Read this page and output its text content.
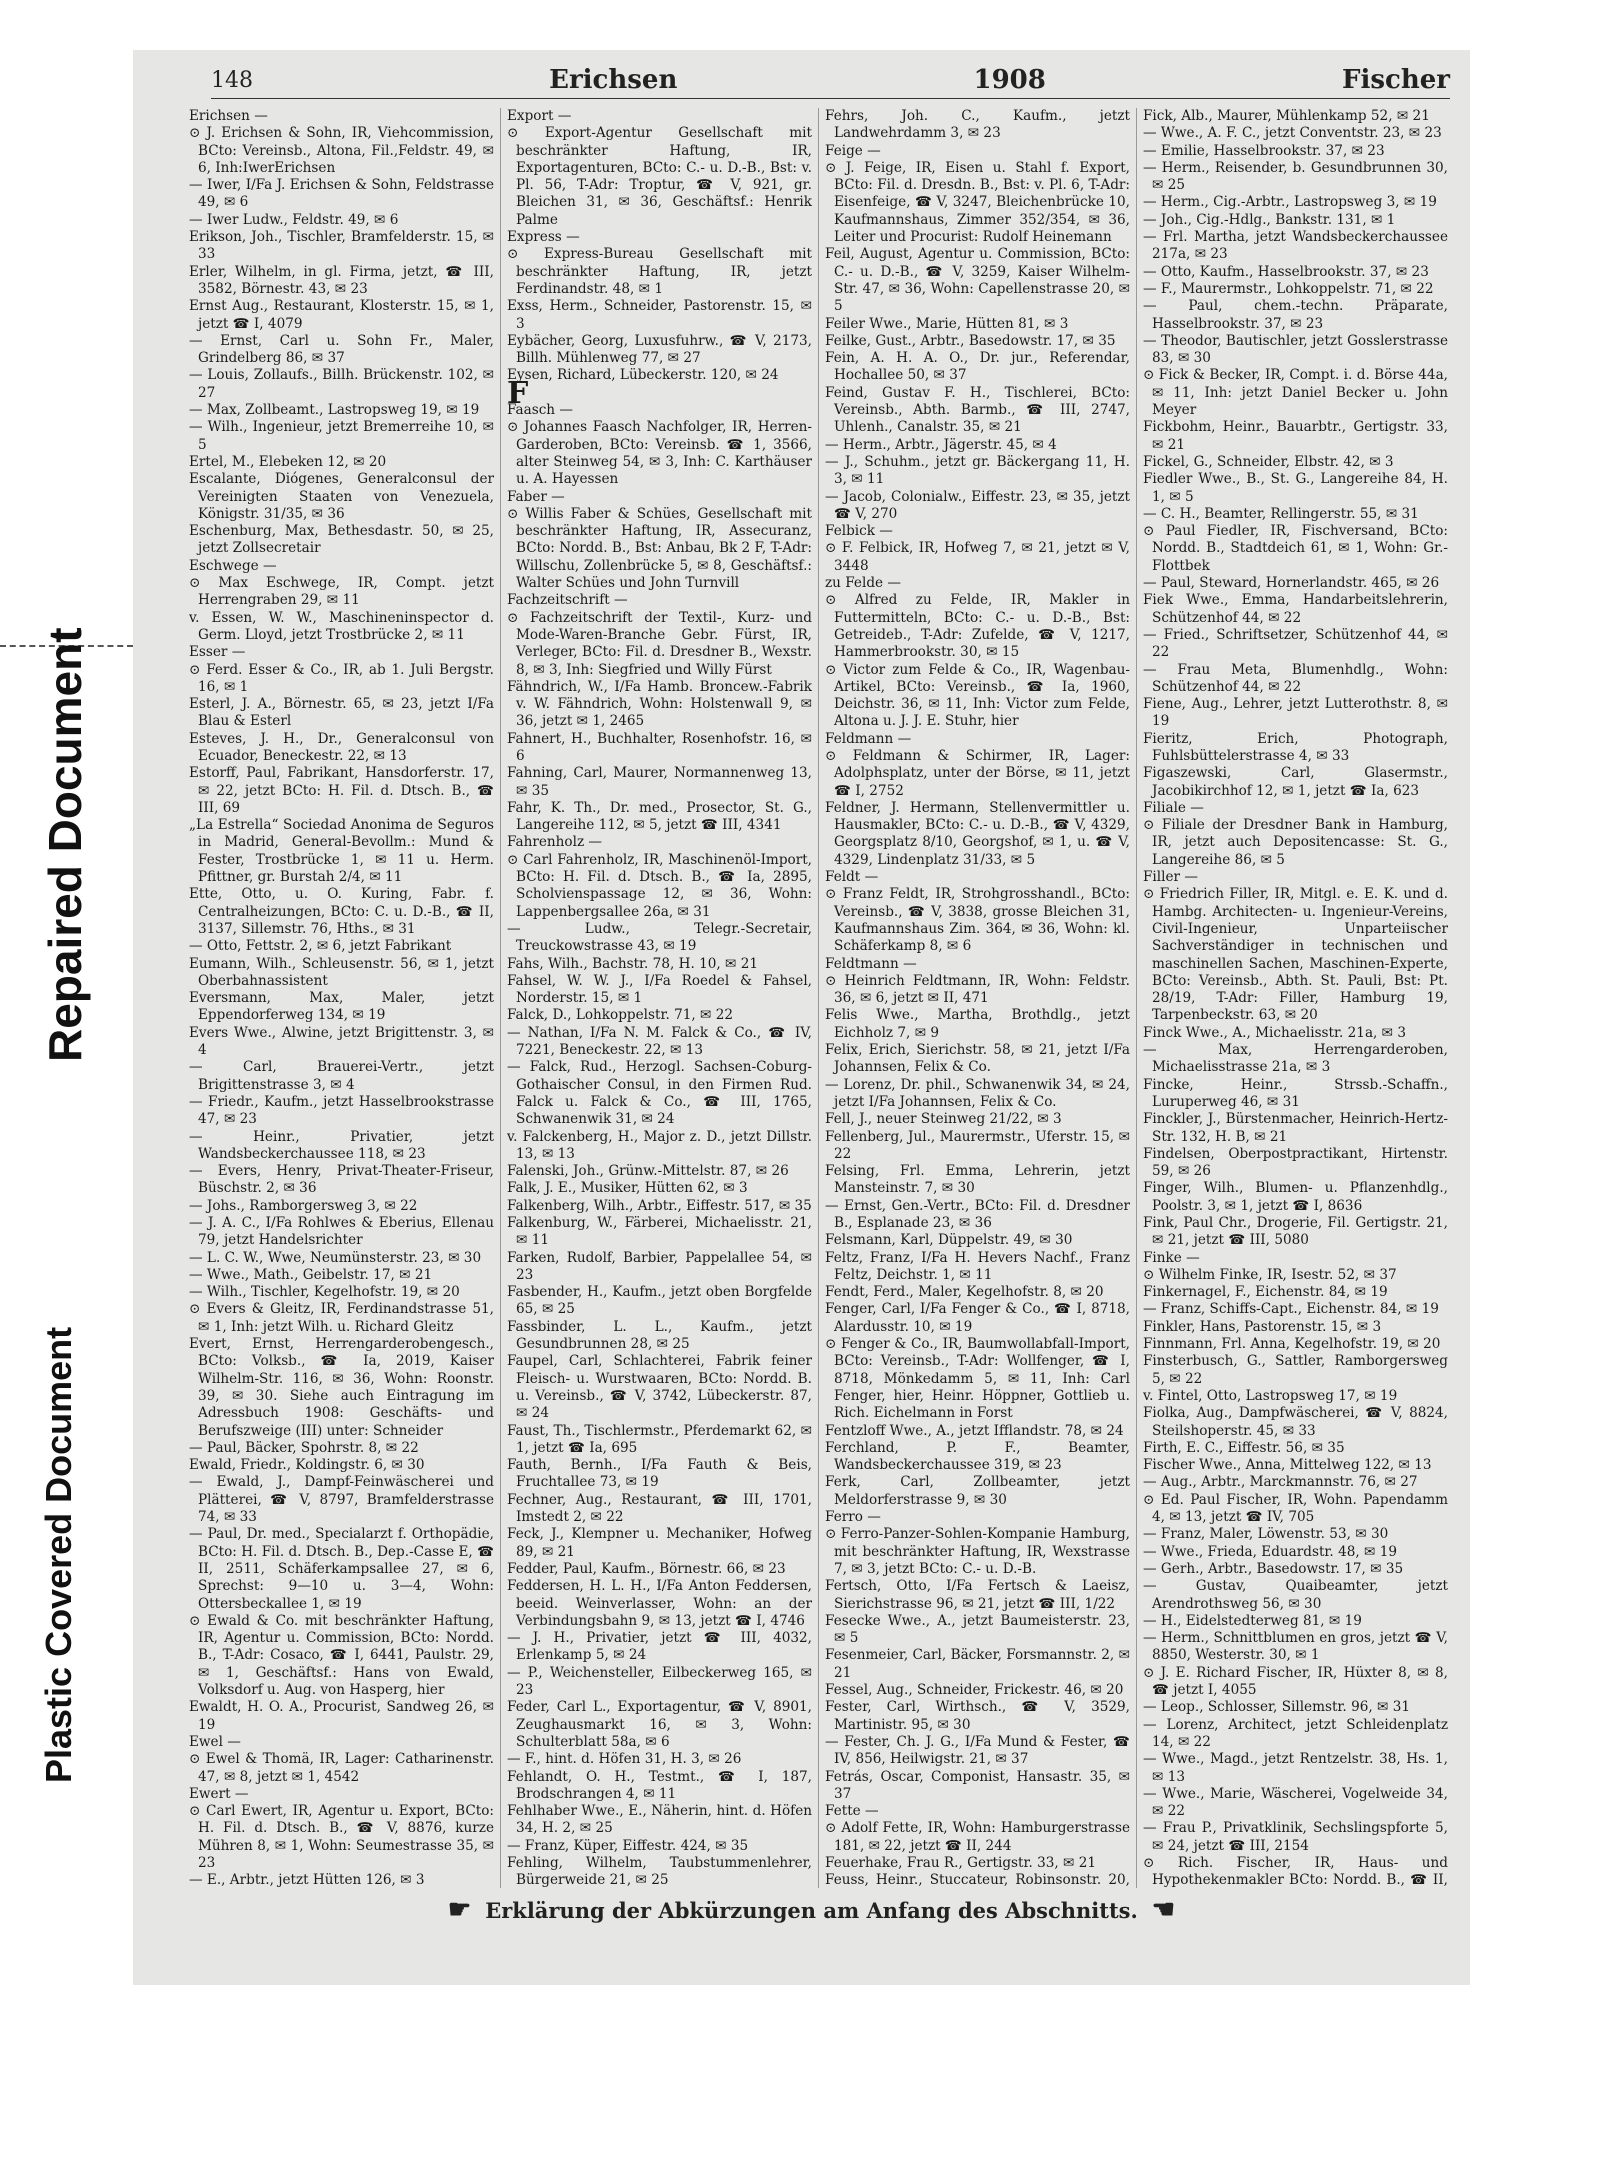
Repaired Document
Plastic Covered Document
148	Erichsen	1908	Fischer

Erichsen —

⊙ J. Erichsen & Sohn, IR, Viehcommission, BCto: Vereinsb., Altona, Fil.,Feldstr. 49, ✉ 6, Inh:IwerErichsen

— Iwer, I/Fa J. Erichsen & Sohn, Feldstrasse 49, ✉ 6

— Iwer Ludw., Feldstr. 49, ✉ 6

Erikson, Joh., Tischler, Bramfelderstr. 15, ✉ 33

Erler, Wilhelm, in gl. Firma, jetzt, ☎ III, 3582, Börnestr. 43, ✉ 23

Ernst Aug., Restaurant, Klosterstr. 15, ✉ 1, jetzt ☎ I, 4079

— Ernst, Carl u. Sohn Fr., Maler, Grindelberg 86, ✉ 37

— Louis, Zollaufs., Billh. Brückenstr. 102, ✉ 27

— Max, Zollbeamt., Lastropsweg 19, ✉ 19

— Wilh., Ingenieur, jetzt Bremerreihe 10, ✉ 5

Ertel, M., Elebeken 12, ✉ 20

Escalante, Diógenes, Generalconsul der Vereinigten Staaten von Venezuela, Königstr. 31/35, ✉ 36

Eschenburg, Max, Bethesdastr. 50, ✉ 25, jetzt Zollsecretair

Eschwege —

⊙ Max Eschwege, IR, Compt. jetzt Herrengraben 29, ✉ 11

v. Essen, W. W., Maschineninspector d. Germ. Lloyd, jetzt Trostbrücke 2, ✉ 11

Esser —

⊙ Ferd. Esser & Co., IR, ab 1. Juli Bergstr. 16, ✉ 1

Esterl, J. A., Börnestr. 65, ✉ 23, jetzt I/Fa Blau & Esterl

Esteves, J. H., Dr., Generalconsul von Ecuador, Beneckestr. 22, ✉ 13

Estorff, Paul, Fabrikant, Hansdorferstr. 17, ✉ 22, jetzt BCto: H. Fil. d. Dtsch. B., ☎ III, 69

„La Estrella“ Sociedad Anonima de Seguros in Madrid, General-Bevollm.: Mund & Fester, Trostbrücke 1, ✉ 11 u. Herm. Pfittner, gr. Burstah 2/4, ✉ 11

Ette, Otto, u. O. Kuring, Fabr. f. Centralheizungen, BCto: C. u. D.-B., ☎ II, 3137, Sillemstr. 76, Hths., ✉ 31

— Otto, Fettstr. 2, ✉ 6, jetzt Fabrikant

Eumann, Wilh., Schleusenstr. 56, ✉ 1, jetzt Oberbahnassistent

Eversmann, Max, Maler, jetzt Eppendorferweg 134, ✉ 19

Evers Wwe., Alwine, jetzt Brigittenstr. 3, ✉ 4

— Carl, Brauerei-Vertr., jetzt Brigittenstrasse 3, ✉ 4

— Friedr., Kaufm., jetzt Hasselbrookstrasse 47, ✉ 23

— Heinr., Privatier, jetzt Wandsbeckerchaussee 118, ✉ 23

— Evers, Henry, Privat-Theater-Friseur, Büschstr. 2, ✉ 36

— Johs., Ramborgersweg 3, ✉ 22

— J. A. C., I/Fa Rohlwes & Eberius, Ellenau 79, jetzt Handelsrichter

— L. C. W., Wwe, Neumünsterstr. 23, ✉ 30

— Wwe., Math., Geibelstr. 17, ✉ 21

— Wilh., Tischler, Kegelhofstr. 19, ✉ 20

⊙ Evers & Gleitz, IR, Ferdinandstrasse 51, ✉ 1, Inh: jetzt Wilh. u. Richard Gleitz

Evert, Ernst, Herrengarderobengesch., BCto: Volksb., ☎ Ia, 2019, Kaiser Wilhelm-Str. 116, ✉ 36, Wohn: Roonstr. 39, ✉ 30. Siehe auch Eintragung im Adressbuch 1908: Geschäfts- und Berufszweige (III) unter: Schneider

— Paul, Bäcker, Spohrstr. 8, ✉ 22

Ewald, Friedr., Koldingstr. 6, ✉ 30

— Ewald, J., Dampf-Feinwäscherei und Plätterei, ☎ V, 8797, Bramfelderstrasse 74, ✉ 33

— Paul, Dr. med., Specialarzt f. Orthopädie, BCto: H. Fil. d. Dtsch. B., Dep.-Casse E, ☎ II, 2511, Schäferkampsallee 27, ✉ 6, Sprechst: 9—10 u. 3—4, Wohn: Ottersbeckallee 1, ✉ 19

⊙ Ewald & Co. mit beschränkter Haftung, IR, Agentur u. Commission, BCto: Nordd. B., T-Adr: Cosaco, ☎ I, 6441, Paulstr. 29, ✉ 1, Geschäftsf.: Hans von Ewald, Volksdorf u. Aug. von Hasperg, hier

Ewaldt, H. O. A., Procurist, Sandweg 26, ✉ 19

Ewel —

⊙ Ewel & Thomä, IR, Lager: Catharinenstr. 47, ✉ 8, jetzt ✉ 1, 4542

Ewert —

⊙ Carl Ewert, IR, Agentur u. Export, BCto: H. Fil. d. Dtsch. B., ☎ V, 8876, kurze Mühren 8, ✉ 1, Wohn: Seumestrasse 35, ✉ 23

— E., Arbtr., jetzt Hütten 126, ✉ 3

Export —

⊙ Export-Agentur Gesellschaft mit beschränkter Haftung, IR, Exportagenturen, BCto: C.- u. D.-B., Bst: v. Pl. 56, T-Adr: Troptur, ☎ V, 921, gr. Bleichen 31, ✉ 36, Geschäftsf.: Henrik Palme

Express —

⊙ Express-Bureau Gesellschaft mit beschränkter Haftung, IR, jetzt Ferdinandstr. 48, ✉ 1

Exss, Herm., Schneider, Pastorenstr. 15, ✉ 3

Eybächer, Georg, Luxusfuhrw., ☎ V, 2173, Billh. Mühlenweg 77, ✉ 27

Eysen, Richard, Lübeckerstr. 120, ✉ 24

F

Faasch —

⊙ Johannes Faasch Nachfolger, IR, Herren-Garderoben, BCto: Vereinsb. ☎ 1, 3566, alter Steinweg 54, ✉ 3, Inh: C. Karthäuser u. A. Hayessen

Faber —

⊙ Willis Faber & Schües, Gesellschaft mit beschränkter Haftung, IR, Assecuranz, BCto: Nordd. B., Bst: Anbau, Bk 2 F, T-Adr: Willschu, Zollenbrücke 5, ✉ 8, Geschäftsf.: Walter Schües und John Turnvill

Fachzeitschrift —

⊙ Fachzeitschrift der Textil-, Kurz- und Mode-Waren-Branche Gebr. Fürst, IR, Verleger, BCto: Fil. d. Dresdner B., Wexstr. 8, ✉ 3, Inh: Siegfried und Willy Fürst

Fähndrich, W., I/Fa Hamb. Broncew.-Fabrik v. W. Fähndrich, Wohn: Holstenwall 9, ✉ 36, jetzt ✉ 1, 2465

Fahnert, H., Buchhalter, Rosenhofstr. 16, ✉ 6

Fahning, Carl, Maurer, Normannenweg 13, ✉ 35

Fahr, K. Th., Dr. med., Prosector, St. G., Langereihe 112, ✉ 5, jetzt ☎ III, 4341

Fahrenholz —

⊙ Carl Fahrenholz, IR, Maschinenöl-Import, BCto: H. Fil. d. Dtsch. B., ☎ Ia, 2895, Scholvienspassage 12, ✉ 36, Wohn: Lappenbergsallee 26a, ✉ 31

— Ludw., Telegr.-Secretair, Treuckowstrasse 43, ✉ 19

Fahs, Wilh., Bachstr. 78, H. 10, ✉ 21

Fahsel, W. W. J., I/Fa Roedel & Fahsel, Norderstr. 15, ✉ 1

Falck, D., Lohkoppelstr. 71, ✉ 22

— Nathan, I/Fa N. M. Falck & Co., ☎ IV, 7221, Beneckestr. 22, ✉ 13

— Falck, Rud., Herzogl. Sachsen-Coburg-Gothaischer Consul, in den Firmen Rud. Falck u. Falck & Co., ☎ III, 1765, Schwanenwik 31, ✉ 24

v. Falckenberg, H., Major z. D., jetzt Dillstr. 13, ✉ 13

Falenski, Joh., Grünw.-Mittelstr. 87, ✉ 26

Falk, J. E., Musiker, Hütten 62, ✉ 3

Falkenberg, Wilh., Arbtr., Eiffestr. 517, ✉ 35

Falkenburg, W., Färberei, Michaelisstr. 21, ✉ 11

Farken, Rudolf, Barbier, Pappelallee 54, ✉ 23

Fasbender, H., Kaufm., jetzt oben Borgfelde 65, ✉ 25

Fassbinder, L. L., Kaufm., jetzt Gesundbrunnen 28, ✉ 25

Faupel, Carl, Schlachterei, Fabrik feiner Fleisch- u. Wurstwaaren, BCto: Nordd. B. u. Vereinsb., ☎ V, 3742, Lübeckerstr. 87, ✉ 24

Faust, Th., Tischlermstr., Pferdemarkt 62, ✉ 1, jetzt ☎ Ia, 695

Fauth, Bernh., I/Fa Fauth & Beis, Fruchtallee 73, ✉ 19

Fechner, Aug., Restaurant, ☎ III, 1701, Imstedt 2, ✉ 22

Feck, J., Klempner u. Mechaniker, Hofweg 89, ✉ 21

Fedder, Paul, Kaufm., Börnestr. 66, ✉ 23

Feddersen, H. L. H., I/Fa Anton Feddersen, beeid. Weinverlasser, Wohn: an der Verbindungsbahn 9, ✉ 13, jetzt ☎ I, 4746

— J. H., Privatier, jetzt ☎ III, 4032, Erlenkamp 5, ✉ 24

— P., Weichensteller, Eilbeckerweg 165, ✉ 23

Feder, Carl L., Exportagentur, ☎ V, 8901, Zeughausmarkt 16, ✉ 3, Wohn: Schulterblatt 58a, ✉ 6

— F., hint. d. Höfen 31, H. 3, ✉ 26

Fehlandt, O. H., Testmt., ☎ I, 187, Brodschrangen 4, ✉ 11

Fehlhaber Wwe., E., Näherin, hint. d. Höfen 34, H. 2, ✉ 25

— Franz, Küper, Eiffestr. 424, ✉ 35

Fehling, Wilhelm, Taubstummenlehrer, Bürgerweide 21, ✉ 25

Fehrs, Joh. C., Kaufm., jetzt Landwehrdamm 3, ✉ 23

Feige —

⊙ J. Feige, IR, Eisen u. Stahl f. Export, BCto: Fil. d. Dresdn. B., Bst: v. Pl. 6, T-Adr: Eisenfeige, ☎ V, 3247, Bleichenbrücke 10, Kaufmannshaus, Zimmer 352/354, ✉ 36, Leiter und Procurist: Rudolf Heinemann

Feil, August, Agentur u. Commission, BCto: C.- u. D.-B., ☎ V, 3259, Kaiser Wilhelm-Str. 47, ✉ 36, Wohn: Capellenstrasse 20, ✉ 5

Feiler Wwe., Marie, Hütten 81, ✉ 3

Feilke, Gust., Arbtr., Basedowstr. 17, ✉ 35

Fein, A. H. A. O., Dr. jur., Referendar, Hochallee 50, ✉ 37

Feind, Gustav F. H., Tischlerei, BCto: Vereinsb., Abth. Barmb., ☎ III, 2747, Uhlenh., Canalstr. 35, ✉ 21

— Herm., Arbtr., Jägerstr. 45, ✉ 4

— J., Schuhm., jetzt gr. Bäckergang 11, H. 3, ✉ 11

— Jacob, Colonialw., Eiffestr. 23, ✉ 35, jetzt ☎ V, 270

Felbick —

⊙ F. Felbick, IR, Hofweg 7, ✉ 21, jetzt ✉ V, 3448

zu Felde —

⊙ Alfred zu Felde, IR, Makler in Futtermitteln, BCto: C.- u. D.-B., Bst: Getreideb., T-Adr: Zufelde, ☎ V, 1217, Hammerbrookstr. 30, ✉ 15

⊙ Victor zum Felde & Co., IR, Wagenbau-Artikel, BCto: Vereinsb., ☎ Ia, 1960, Deichstr. 36, ✉ 11, Inh: Victor zum Felde, Altona u. J. J. E. Stuhr, hier

Feldmann —

⊙ Feldmann & Schirmer, IR, Lager: Adolphsplatz, unter der Börse, ✉ 11, jetzt ☎ I, 2752

Feldner, J. Hermann, Stellenvermittler u. Hausmakler, BCto: C.- u. D.-B., ☎ V, 4329, Georgsplatz 8/10, Georgshof, ✉ 1, u. ☎ V, 4329, Lindenplatz 31/33, ✉ 5

Feldt —

⊙ Franz Feldt, IR, Strohgrosshandl., BCto: Vereinsb., ☎ V, 3838, grosse Bleichen 31, Kaufmannshaus Zim. 364, ✉ 36, Wohn: kl. Schäferkamp 8, ✉ 6

Feldtmann —

⊙ Heinrich Feldtmann, IR, Wohn: Feldstr. 36, ✉ 6, jetzt ✉ II, 471

Felis Wwe., Martha, Brothdlg., jetzt Eichholz 7, ✉ 9

Felix, Erich, Sierichstr. 58, ✉ 21, jetzt I/Fa Johannsen, Felix & Co.

— Lorenz, Dr. phil., Schwanenwik 34, ✉ 24, jetzt I/Fa Johannsen, Felix & Co.

Fell, J., neuer Steinweg 21/22, ✉ 3

Fellenberg, Jul., Maurermstr., Uferstr. 15, ✉ 22

Felsing, Frl. Emma, Lehrerin, jetzt Mansteinstr. 7, ✉ 30

— Ernst, Gen.-Vertr., BCto: Fil. d. Dresdner B., Esplanade 23, ✉ 36

Felsmann, Karl, Düppelstr. 49, ✉ 30

Feltz, Franz, I/Fa H. Hevers Nachf., Franz Feltz, Deichstr. 1, ✉ 11

Fendt, Ferd., Maler, Kegelhofstr. 8, ✉ 20

Fenger, Carl, I/Fa Fenger & Co., ☎ I, 8718, Alardusstr. 10, ✉ 19

⊙ Fenger & Co., IR, Baumwollabfall-Import, BCto: Vereinsb., T-Adr: Wollfenger, ☎ I, 8718, Mönkedamm 5, ✉ 11, Inh: Carl Fenger, hier, Heinr. Höppner, Gottlieb u. Rich. Eichelmann in Forst

Fentzloff Wwe., A., jetzt Ifflandstr. 78, ✉ 24

Ferchland, P. F., Beamter, Wandsbeckerchaussee 319, ✉ 23

Ferk, Carl, Zollbeamter, jetzt Meldorferstrasse 9, ✉ 30

Ferro —

⊙ Ferro-Panzer-Sohlen-Kompanie Hamburg, mit beschränkter Haftung, IR, Wexstrasse 7, ✉ 3, jetzt BCto: C.- u. D.-B.

Fertsch, Otto, I/Fa Fertsch & Laeisz, Sierichstrasse 96, ✉ 21, jetzt ☎ III, 1/22

Fesecke Wwe., A., jetzt Baumeisterstr. 23, ✉ 5

Fesenmeier, Carl, Bäcker, Forsmannstr. 2, ✉ 21

Fessel, Aug., Schneider, Frickestr. 46, ✉ 20

Fester, Carl, Wirthsch., ☎ V, 3529, Martinistr. 95, ✉ 30

— Fester, Ch. J. G., I/Fa Mund & Fester, ☎ IV, 856, Heilwigstr. 21, ✉ 37

Fetrás, Oscar, Componist, Hansastr. 35, ✉ 37

Fette —

⊙ Adolf Fette, IR, Wohn: Hamburgerstrasse 181, ✉ 22, jetzt ☎ II, 244

Feuerhake, Frau R., Gertigstr. 33, ✉ 21

Feuss, Heinr., Stuccateur, Robinsonstr. 20,

Fick, Alb., Maurer, Mühlenkamp 52, ✉ 21

— Wwe., A. F. C., jetzt Conventstr. 23, ✉ 23

— Emilie, Hasselbrookstr. 37, ✉ 23

— Herm., Reisender, b. Gesundbrunnen 30, ✉ 25

— Herm., Cig.-Arbtr., Lastropsweg 3, ✉ 19

— Joh., Cig.-Hdlg., Bankstr. 131, ✉ 1

— Frl. Martha, jetzt Wandsbeckerchaussee 217a, ✉ 23

— Otto, Kaufm., Hasselbrookstr. 37, ✉ 23

— F., Maurermstr., Lohkoppelstr. 71, ✉ 22

— Paul, chem.-techn. Präparate, Hasselbrookstr. 37, ✉ 23

— Theodor, Bautischler, jetzt Gosslerstrasse 83, ✉ 30

⊙ Fick & Becker, IR, Compt. i. d. Börse 44a, ✉ 11, Inh: jetzt Daniel Becker u. John Meyer

Fickbohm, Heinr., Bauarbtr., Gertigstr. 33, ✉ 21

Fickel, G., Schneider, Elbstr. 42, ✉ 3

Fiedler Wwe., B., St. G., Langereihe 84, H. 1, ✉ 5

— C. H., Beamter, Rellingerstr. 55, ✉ 31

⊙ Paul Fiedler, IR, Fischversand, BCto: Nordd. B., Stadtdeich 61, ✉ 1, Wohn: Gr.-Flottbek

— Paul, Steward, Hornerlandstr. 465, ✉ 26

Fiek Wwe., Emma, Handarbeitslehrerin, Schützenhof 44, ✉ 22

— Fried., Schriftsetzer, Schützenhof 44, ✉ 22

— Frau Meta, Blumenhdlg., Wohn: Schützenhof 44, ✉ 22

Fiene, Aug., Lehrer, jetzt Lutterothstr. 8, ✉ 19

Fieritz, Erich, Photograph, Fuhlsbüttelerstrasse 4, ✉ 33

Figaszewski, Carl, Glasermstr., Jacobikirchhof 12, ✉ 1, jetzt ☎ Ia, 623

Filiale —

⊙ Filiale der Dresdner Bank in Hamburg, IR, jetzt auch Depositencasse: St. G., Langereihe 86, ✉ 5

Filler —

⊙ Friedrich Filler, IR, Mitgl. e. E. K. und d. Hambg. Architecten- u. Ingenieur-Vereins, Civil-Ingenieur, Unparteiischer Sachverständiger in technischen und maschinellen Sachen, Maschinen-Experte, BCto: Vereinsb., Abth. St. Pauli, Bst: Pt. 28/19, T-Adr: Filler, Hamburg 19, Tarpenbeckstr. 63, ✉ 20

Finck Wwe., A., Michaelisstr. 21a, ✉ 3

— Max, Herrengarderoben, Michaelisstrasse 21a, ✉ 3

Fincke, Heinr., Strssb.-Schaffn., Luruperweg 46, ✉ 31

Finckler, J., Bürstenmacher, Heinrich-Hertz-Str. 132, H. B, ✉ 21

Findelsen, Oberpostpractikant, Hirtenstr. 59, ✉ 26

Finger, Wilh., Blumen- u. Pflanzenhdlg., Poolstr. 3, ✉ 1, jetzt ☎ I, 8636

Fink, Paul Chr., Drogerie, Fil. Gertigstr. 21, ✉ 21, jetzt ☎ III, 5080

Finke —

⊙ Wilhelm Finke, IR, Isestr. 52, ✉ 37

Finkernagel, F., Eichenstr. 84, ✉ 19

— Franz, Schiffs-Capt., Eichenstr. 84, ✉ 19

Finkler, Hans, Pastorenstr. 15, ✉ 3

Finnmann, Frl. Anna, Kegelhofstr. 19, ✉ 20

Finsterbusch, G., Sattler, Ramborgersweg 5, ✉ 22

v. Fintel, Otto, Lastropsweg 17, ✉ 19

Fiolka, Aug., Dampfwäscherei, ☎ V, 8824, Steilshoperstr. 45, ✉ 33

Firth, E. C., Eiffestr. 56, ✉ 35

Fischer Wwe., Anna, Mittelweg 122, ✉ 13

— Aug., Arbtr., Marckmannstr. 76, ✉ 27

⊙ Ed. Paul Fischer, IR, Wohn. Papendamm 4, ✉ 13, jetzt ☎ IV, 705

— Franz, Maler, Löwenstr. 53, ✉ 30

— Wwe., Frieda, Eduardstr. 48, ✉ 19

— Gerh., Arbtr., Basedowstr. 17, ✉ 35

— Gustav, Quaibeamter, jetzt Arendrothsweg 56, ✉ 30

— H., Eidelstedterweg 81, ✉ 19

— Herm., Schnittblumen en gros, jetzt ☎ V, 8850, Westerstr. 30, ✉ 1

⊙ J. E. Richard Fischer, IR, Hüxter 8, ✉ 8, ☎ jetzt I, 4055

— Leop., Schlosser, Sillemstr. 96, ✉ 31

— Lorenz, Architect, jetzt Schleidenplatz 14, ✉ 22

— Wwe., Magd., jetzt Rentzelstr. 38, Hs. 1, ✉ 13

— Wwe., Marie, Wäscherei, Vogelweide 34, ✉ 22

— Frau P., Privatklinik, Sechslingspforte 5, ✉ 24, jetzt ☎ III, 2154

⊙ Rich. Fischer, IR, Haus- und Hypothekenmakler BCto: Nordd. B., ☎ II,

☛ Erklärung der Abkürzungen am Anfang des Abschnitts. ☚
